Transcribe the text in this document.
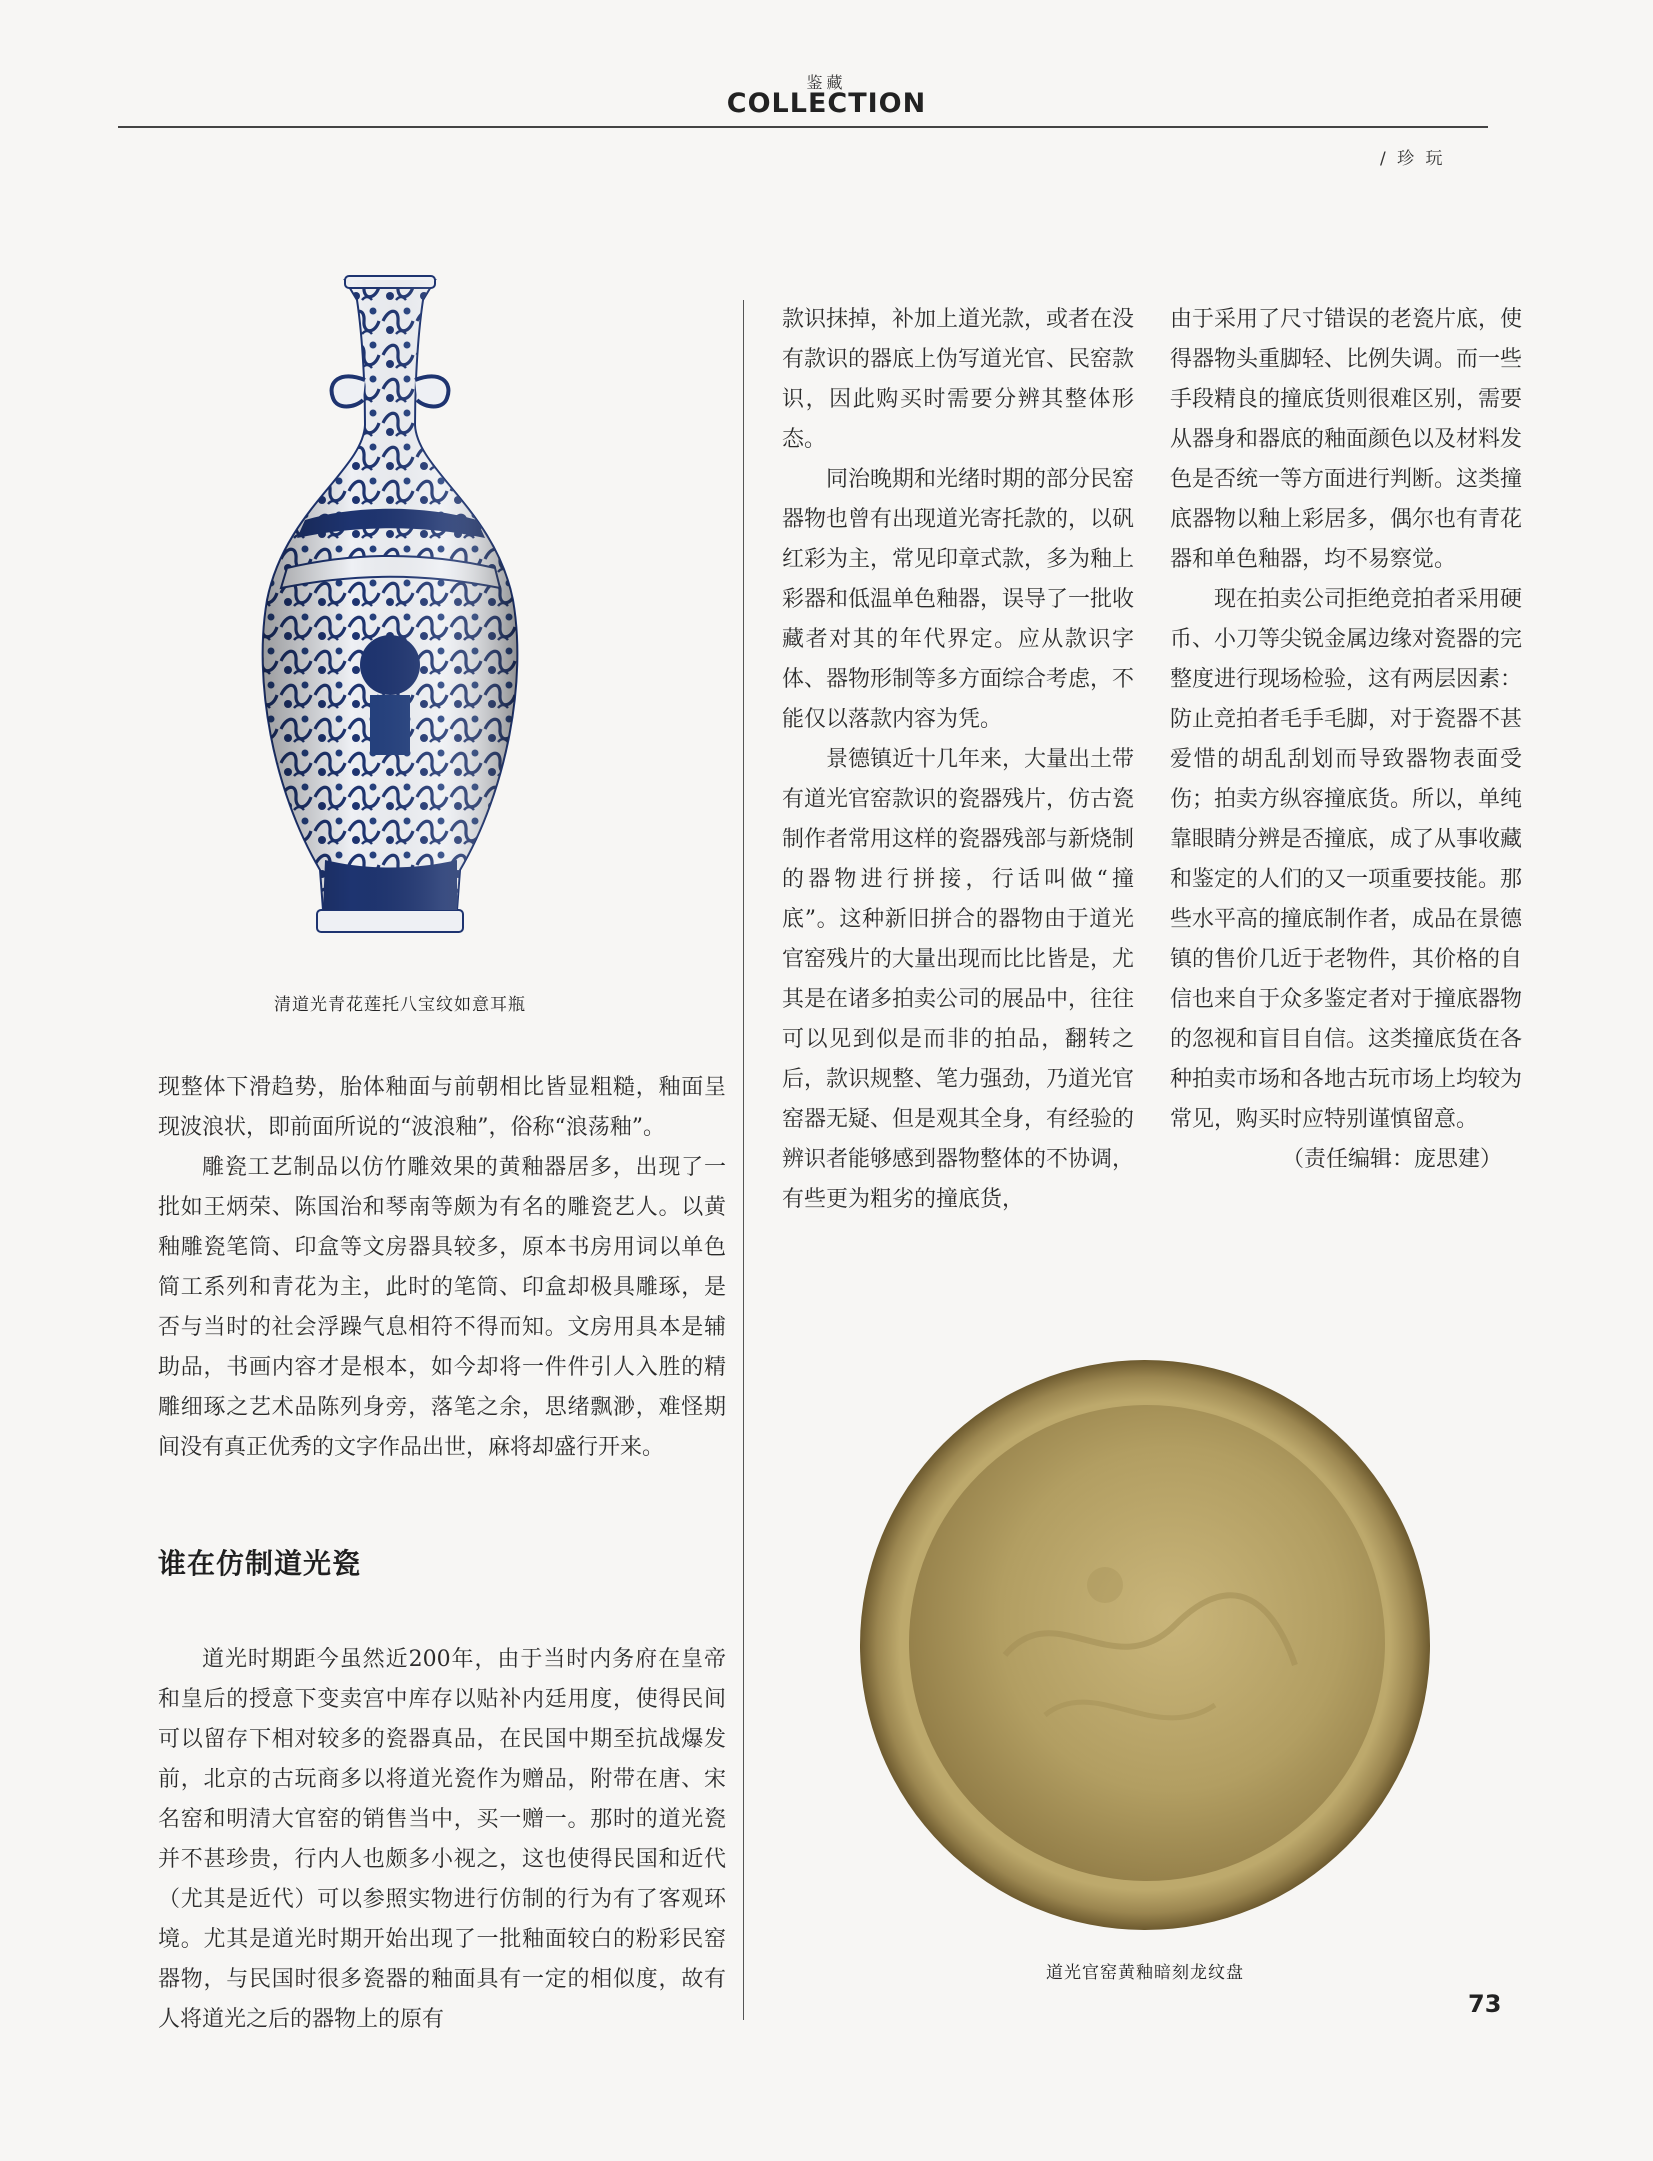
鉴藏
COLLECTION
/ 珍 玩
清道光青花莲托八宝纹如意耳瓶

现整体下滑趋势，胎体釉面与前朝相比皆显粗糙，釉面呈现波浪状，即前面所说的“波浪釉”，俗称“浪荡釉”。

雕瓷工艺制品以仿竹雕效果的黄釉器居多，出现了一批如王炳荣、陈国治和琴南等颇为有名的雕瓷艺人。以黄釉雕瓷笔筒、印盒等文房器具较多，原本书房用词以单色简工系列和青花为主，此时的笔筒、印盒却极具雕琢，是否与当时的社会浮躁气息相符不得而知。文房用具本是辅助品，书画内容才是根本，如今却将一件件引人入胜的精雕细琢之艺术品陈列身旁，落笔之余，思绪飘渺，难怪期间没有真正优秀的文字作品出世，麻将却盛行开来。

谁在仿制道光瓷

道光时期距今虽然近200年，由于当时内务府在皇帝和皇后的授意下变卖宫中库存以贴补内廷用度，使得民间可以留存下相对较多的瓷器真品，在民国中期至抗战爆发前，北京的古玩商多以将道光瓷作为赠品，附带在唐、宋名窑和明清大官窑的销售当中，买一赠一。那时的道光瓷并不甚珍贵，行内人也颇多小视之，这也使得民国和近代（尤其是近代）可以参照实物进行仿制的行为有了客观环境。尤其是道光时期开始出现了一批釉面较白的粉彩民窑器物，与民国时很多瓷器的釉面具有一定的相似度，故有人将道光之后的器物上的原有

款识抹掉，补加上道光款，或者在没有款识的器底上伪写道光官、民窑款识，因此购买时需要分辨其整体形态。

同治晚期和光绪时期的部分民窑器物也曾有出现道光寄托款的，以矾红彩为主，常见印章式款，多为釉上彩器和低温单色釉器，误导了一批收藏者对其的年代界定。应从款识字体、器物形制等多方面综合考虑，不能仅以落款内容为凭。

景德镇近十几年来，大量出土带有道光官窑款识的瓷器残片，仿古瓷制作者常用这样的瓷器残部与新烧制的器物进行拼接，行话叫做“撞底”。这种新旧拼合的器物由于道光官窑残片的大量出现而比比皆是，尤其是在诸多拍卖公司的展品中，往往可以见到似是而非的拍品，翻转之后，款识规整、笔力强劲，乃道光官窑器无疑、但是观其全身，有经验的辨识者能够感到器物整体的不协调，有些更为粗劣的撞底货，

由于采用了尺寸错误的老瓷片底，使得器物头重脚轻、比例失调。而一些手段精良的撞底货则很难区别，需要从器身和器底的釉面颜色以及材料发色是否统一等方面进行判断。这类撞底器物以釉上彩居多，偶尔也有青花器和单色釉器，均不易察觉。

现在拍卖公司拒绝竞拍者采用硬币、小刀等尖锐金属边缘对瓷器的完整度进行现场检验，这有两层因素：防止竞拍者毛手毛脚，对于瓷器不甚爱惜的胡乱刮划而导致器物表面受伤；拍卖方纵容撞底货。所以，单纯靠眼睛分辨是否撞底，成了从事收藏和鉴定的人们的又一项重要技能。那些水平高的撞底制作者，成品在景德镇的售价几近于老物件，其价格的自信也来自于众多鉴定者对于撞底器物的忽视和盲目自信。这类撞底货在各种拍卖市场和各地古玩市场上均较为常见，购买时应特别谨慎留意。

（责任编辑：庞思建）

道光官窑黄釉暗刻龙纹盘
73
